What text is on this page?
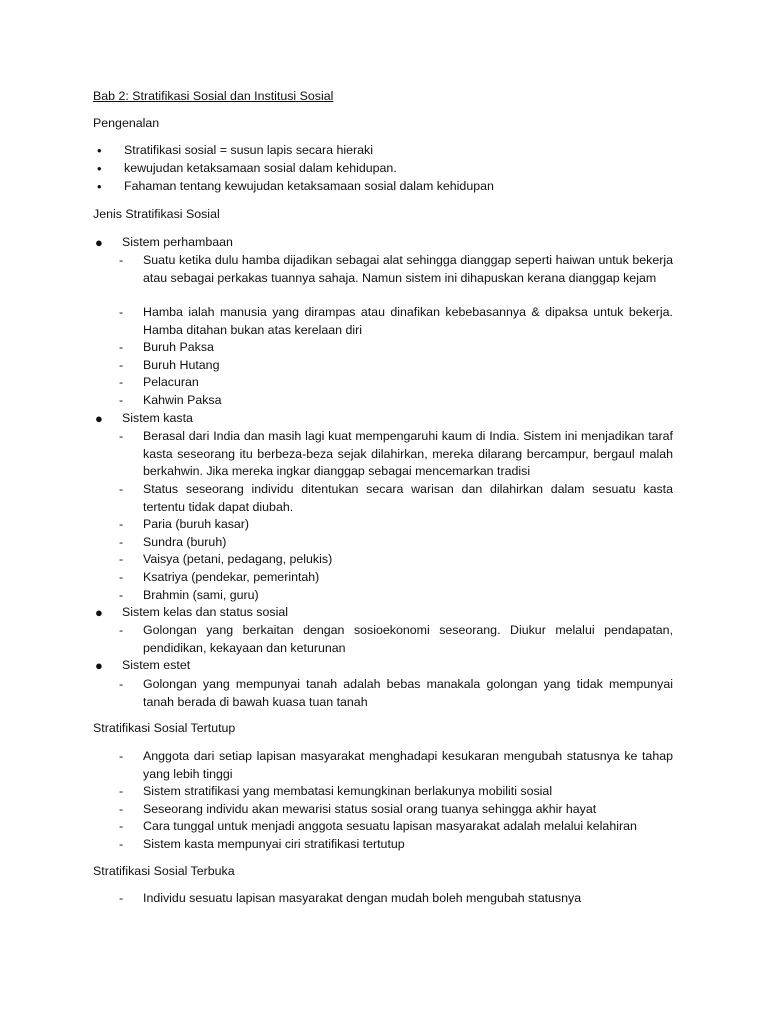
Bab 2: Stratifikasi Sosial dan Institusi Sosial
Pengenalan
• Stratifikasi sosial = susun lapis secara hieraki
• kewujudan ketaksamaan sosial dalam kehidupan.
• Fahaman tentang kewujudan ketaksamaan sosial dalam kehidupan
Jenis Stratifikasi Sosial
● Sistem perhambaan
- Suatu ketika dulu hamba dijadikan sebagai alat sehingga dianggap seperti haiwan untuk bekerja atau sebagai perkakas tuannya sahaja. Namun sistem ini dihapuskan kerana dianggap kejam
- Hamba ialah manusia yang dirampas atau dinafikan kebebasannya & dipaksa untuk bekerja. Hamba ditahan bukan atas kerelaan diri
- Buruh Paksa
- Buruh Hutang
- Pelacuran
- Kahwin Paksa
● Sistem kasta
- Berasal dari India dan masih lagi kuat mempengaruhi kaum di India. Sistem ini menjadikan taraf kasta seseorang itu berbeza-beza sejak dilahirkan, mereka dilarang bercampur, bergaul malah berkahwin. Jika mereka ingkar dianggap sebagai mencemarkan tradisi
- Status seseorang individu ditentukan secara warisan dan dilahirkan dalam sesuatu kasta tertentu tidak dapat diubah.
- Paria (buruh kasar)
- Sundra (buruh)
- Vaisya (petani, pedagang, pelukis)
- Ksatriya (pendekar, pemerintah)
- Brahmin (sami, guru)
● Sistem kelas dan status sosial
- Golongan yang berkaitan dengan sosioekonomi seseorang. Diukur melalui pendapatan, pendidikan, kekayaan dan keturunan
● Sistem estet
- Golongan yang mempunyai tanah adalah bebas manakala golongan yang tidak mempunyai tanah berada di bawah kuasa tuan tanah
Stratifikasi Sosial Tertutup
- Anggota dari setiap lapisan masyarakat menghadapi kesukaran mengubah statusnya ke tahap yang lebih tinggi
- Sistem stratifikasi yang membatasi kemungkinan berlakunya mobiliti sosial
- Seseorang individu akan mewarisi status sosial orang tuanya sehingga akhir hayat
- Cara tunggal untuk menjadi anggota sesuatu lapisan masyarakat adalah melalui kelahiran
- Sistem kasta mempunyai ciri stratifikasi tertutup
Stratifikasi Sosial Terbuka
- Individu sesuatu lapisan masyarakat dengan mudah boleh mengubah statusnya
